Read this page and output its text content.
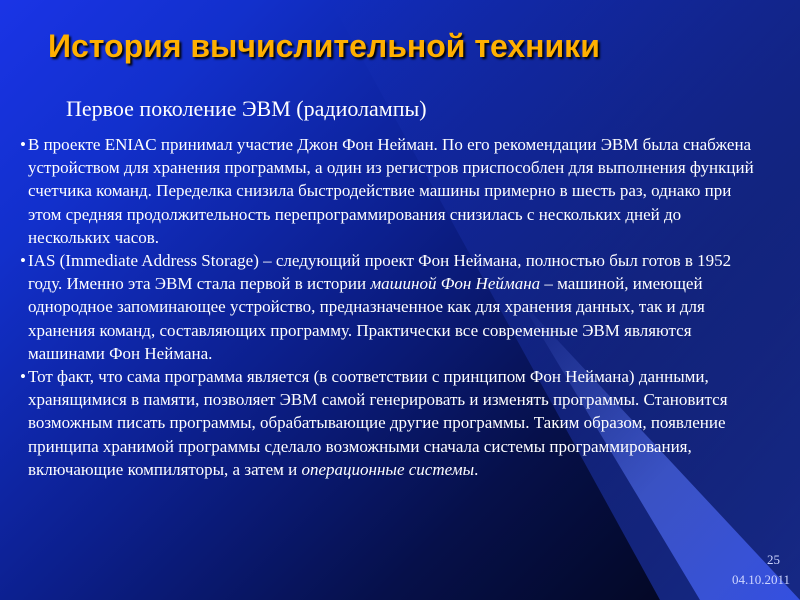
История вычислительной техники
Первое поколение ЭВМ (радиолампы)
• В проекте ENIAC принимал участие Джон Фон Нейман. По его рекомендации ЭВМ была снабжена устройством для хранения программы, а один из регистров приспособлен для выполнения функций счетчика команд. Переделка снизила быстродействие машины примерно в шесть раз, однако при этом средняя продолжительность перепрограммирования снизилась с нескольких дней до нескольких часов.
• IAS (Immediate Address Storage) – следующий проект Фон Неймана, полностью был готов в 1952 году. Именно эта ЭВМ стала первой в истории машиной Фон Неймана – машиной, имеющей однородное запоминающее устройство, предназначенное как для хранения данных, так и для хранения команд, составляющих программу. Практически все современные ЭВМ являются машинами Фон Неймана.
• Тот факт, что сама программа является (в соответствии с принципом Фон Неймана) данными, хранящимися в памяти, позволяет ЭВМ самой генерировать и изменять программы. Становится возможным писать программы, обрабатывающие другие программы. Таким образом, появление принципа хранимой программы сделало возможными сначала системы программирования, включающие компиляторы, а затем и операционные системы.
25
04.10.2011
